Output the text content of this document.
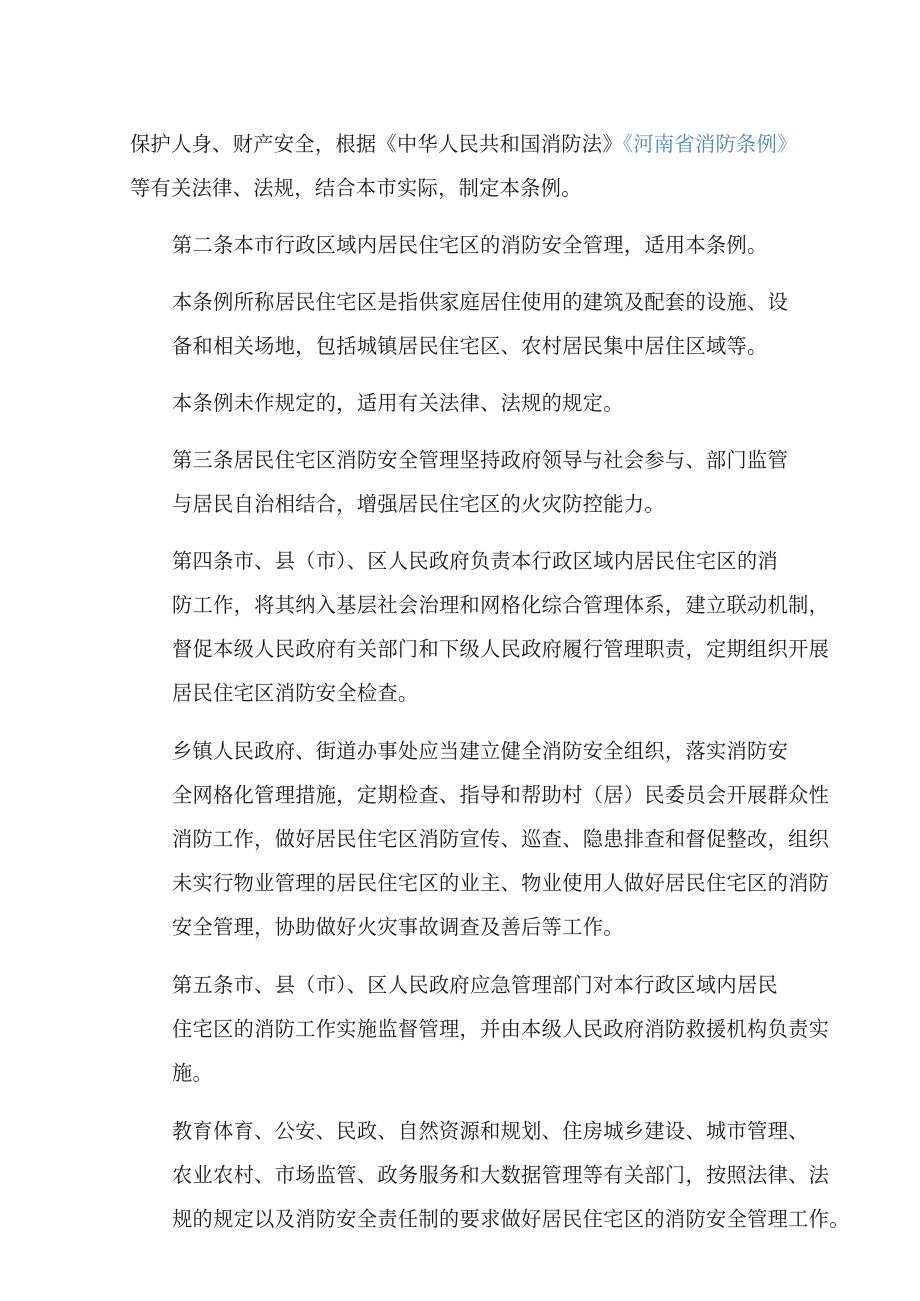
保护人身、财产安全，根据《中华人民共和国消防法》《河南省消防条例》
等有关法律、法规，结合本市实际，制定本条例。
第二条本市行政区域内居民住宅区的消防安全管理，适用本条例。
本条例所称居民住宅区是指供家庭居住使用的建筑及配套的设施、设
备和相关场地，包括城镇居民住宅区、农村居民集中居住区域等。
本条例未作规定的，适用有关法律、法规的规定。
第三条居民住宅区消防安全管理坚持政府领导与社会参与、部门监管
与居民自治相结合，增强居民住宅区的火灾防控能力。
第四条市、县（市）、区人民政府负责本行政区域内居民住宅区的消
防工作，将其纳入基层社会治理和网格化综合管理体系，建立联动机制，
督促本级人民政府有关部门和下级人民政府履行管理职责，定期组织开展
居民住宅区消防安全检查。
乡镇人民政府、街道办事处应当建立健全消防安全组织，落实消防安
全网格化管理措施，定期检查、指导和帮助村（居）民委员会开展群众性
消防工作，做好居民住宅区消防宣传、巡查、隐患排查和督促整改，组织
未实行物业管理的居民住宅区的业主、物业使用人做好居民住宅区的消防
安全管理，协助做好火灾事故调查及善后等工作。
第五条市、县（市）、区人民政府应急管理部门对本行政区域内居民
住宅区的消防工作实施监督管理，并由本级人民政府消防救援机构负责实
施。
教育体育、公安、民政、自然资源和规划、住房城乡建设、城市管理、
农业农村、市场监管、政务服务和大数据管理等有关部门，按照法律、法
规的规定以及消防安全责任制的要求做好居民住宅区的消防安全管理工作。
